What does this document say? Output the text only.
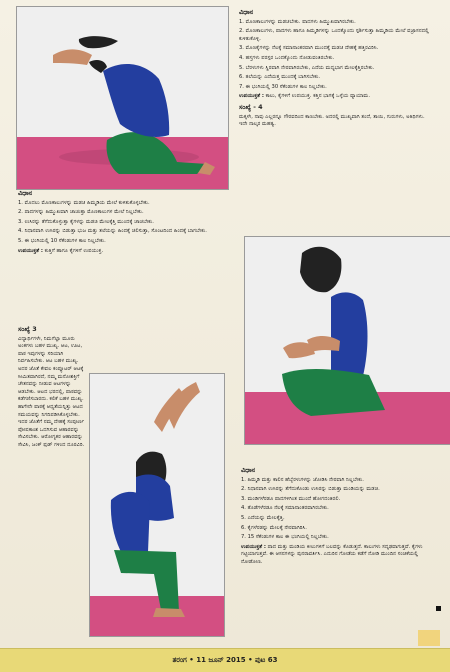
ವಿಧಾನ

1. ಮೊದಲು ಮೊಣಕಾಲುಗಳನ್ನು ಮಡಚಿ ಹಿಮ್ಮಡಿಯ ಮೇಲೆ ಕುಳಿತುಕೊಳ್ಳಬೇಕು.

2. ಪಾದಗಳನ್ನು ಹಿಮ್ಮುಖವಾಗಿ ಚಾಚುತ್ತಾ ಮೊಣಕಾಲುಗಳ ಮೇಲೆ ನಿಲ್ಲಬೇಕು.

3. ಉಸಿರನ್ನು ತೆಗೆದುಕೊಳ್ಳುತ್ತಾ ಕೈಗಳನ್ನು ಮಡಚಿ ಮೇಲಕ್ಕೆತ್ತಿ ಮುಂದಕ್ಕೆ ಚಾಚಬೇಕು.

4. ನಿಧಾನವಾಗಿ ಉಸಿರನ್ನು ಬಿಡುತ್ತಾ ಭುಜ ಮತ್ತು ತಲೆಯನ್ನು ಹಿಂದಕ್ಕೆ ಚಲಿಸುತ್ತಾ, ಸೊಂಟದಿಂದ ಹಿಂದಕ್ಕೆ ಬಾಗಬೇಕು.

5. ಈ ಭಂಗಿಯಲ್ಲಿ 10 ಸೆಕೆಂಡುಗಳ ಕಾಲ ನಿಲ್ಲಬೇಕು.

ಉಪಯುಕ್ತತೆ : ಕುತ್ತಿಗೆ ಹಾಗೂ ಕೈಗಳಿಗೆ ಉಪಯುಕ್ತ.

ಸಂಖ್ಯೆ 3

ವಿದ್ಯಾರ್ಥಿಗಳೇ, ನಿಮಗೆಲ್ಲಾ ಮೂರು ಅಂಕಗಳು ಬಹಳ ಮುಖ್ಯ. ಆಟ, ಊಟ, ಪಾಠ ಇವುಗಳನ್ನು ಸರಿಯಾಗಿ ನಿರ್ವಹಿಸಬೇಕು. ಆಟ ಬಹಳ ಮುಖ್ಯ. ಅದರ ಜೊತೆ ಕೇವಲ ಕಂಪ್ಯೂಟರ್ ಆಟಕ್ಕೆ ಸೀಮಿತವಾಗಿರದೆ, ನಮ್ಮ ಮನೋಶಕ್ತಿಗೆ ಚೇತನವನ್ನು ನೀಡುವ ಆಟಗಳನ್ನು ಆಡಬೇಕು. ಆಟದ ಭರದಲ್ಲಿ, ಪಾಠವನ್ನು ಕಡೆಗಣಿಸಬಾರದು. ಕಲಿಕೆ ಬಹಳ ಮುಖ್ಯ. ಹಾಗೇನೇ ಪಾಠಕ್ಕೆ ಆಧ್ಯತೆಯನ್ನಿತ್ತು ಆಟದ ಸಮಯವನ್ನು ನಿಗದಿಪಡಿಸಿಕೊಳ್ಳಬೇಕು. ಇದರ ಜೊತೆಗೆ ನಮ್ಮ ದೇಹಕ್ಕೆ ಸಂಪೂರ್ಣ ಪೋಷಕಾಂಶ ಒದಗಿಸುವ ಆಹಾರವನ್ನು ಸೇವಿಸಬೇಕು. ಆರೋಗ್ಯಕರ ಆಹಾರವನ್ನು ಸೇವಿಸಿ, ಜಂಕ್ ಫುಡ್ ಗಳಿಂದ ದೂರವಿರಿ.

ವಿಧಾನ

1. ಮೊಣಕಾಲುಗಳನ್ನು ಮಡಚಬೇಕು. ಪಾದಗಳು ಹಿಮ್ಮುಖವಾಗಿರಬೇಕು.

2. ಮೊಣಕಾಲುಗಳು, ಪಾದಗಳು ಹಾಗೂ ಹಿಮ್ಮಡಿಗಳನ್ನು ಒಂದಕ್ಕೊಂದು ಸ್ಪರ್ಶಿಸುತ್ತಾ ಹಿಮ್ಮಡಿಯ ಮೇಲೆ ವಜ್ರಾಸನದಲ್ಲಿ ಕುಳಿತುಕೊಳ್ಳಿ.

3. ಮೊಣಕೈಗಳನ್ನು ನೆಲಕ್ಕೆ ಸಮಾನಾಂತರವಾಗಿ ಮುಂದಕ್ಕೆ ಮಡಚಿ ದೇಹಕ್ಕೆ ಹತ್ತಿರವಿರಿಸಿ.

4. ಹಸ್ತಗಳು ಪರಸ್ಪರ ಒಂದಕ್ಕೊಂದು ನೋಡುವಂತಿರಬೇಕು.

5. ಬೆರಳುಗಳು ಸ್ಥಿರವಾಗಿ ನೇರವಾಗಿರಬೇಕು, ಎದೆಯ ಮಧ್ಯಭಾಗ ಮೇಲಕ್ಕೆತ್ತಿರಬೇಕು.

6. ತಲೆಯನ್ನು ಎದೆಯತ್ತ ಮುಂದಕ್ಕೆ ಬಾಗಿಸಬೇಕು.

7. ಈ ಭಂಗಿಯಲ್ಲಿ 30 ಸೆಕೆಂಡುಗಳ ಕಾಲ ನಿಲ್ಲಬೇಕು.

ಉಪಯುಕ್ತತೆ : ಕಾಲು, ಕೈಗಳಿಗೆ ಉಪಯುಕ್ತ. ಕತ್ತಿನ ಭಾಗಕ್ಕೆ ಒಳ್ಳೆಯ ವ್ಯಾಯಾಮ.

ಸಂಖ್ಯೆ - 4

ಮಕ್ಕಳೇ, ನಾವು ಎಲ್ಲರನ್ನೂ ಗೌರವದಿಂದ ಕಾಣಬೇಕು. ಅದರಲ್ಲಿ ಮುಖ್ಯವಾಗಿ ತಂದೆ, ತಾಯಿ, ಗುರುಗಳು, ಅತಿಥಿಗಳು. ಇದೇ ನಾಲ್ಕರ ಮಹತ್ವ.

ವಿಧಾನ

1. ಹಿಮ್ಮಡಿ ಮತ್ತು ಕಾಲಿನ ಹೆಬ್ಬೆರಳುಗಳನ್ನು ಜೋಡಿಸಿ ನೇರವಾಗಿ ನಿಲ್ಲಬೇಕು.

2. ನಿಧಾನವಾಗಿ ಉಸಿರನ್ನು ತೆಗೆದುಕೊಂಡು ಉಸಿರನ್ನು ಬಿಡುತ್ತಾ ಮಂಡಿಯನ್ನು ಮಡಚಿ.

3. ಮಂಡಿಗಳೆರಡೂ ಪಾದಗಳಿಗಿಂತ ಮುಂದೆ ಹೋಗದಂತಿರಲಿ.

4. ತೊಡೆಗಳೆರಡೂ ನೆಲಕ್ಕೆ ಸಮಾನಾಂತರವಾಗಿರಬೇಕು.

5. ಎದೆಯನ್ನು ಮೇಲಕ್ಕೆತ್ತಿ.

6. ಕೈಗಳೆರಡನ್ನು ಮೇಲಕ್ಕೆ ನೇರವಾಗಿರಿಸಿ.

7. 15 ಸೆಕೆಂಡುಗಳ ಕಾಲ ಈ ಭಂಗಿಯಲ್ಲಿ ನಿಲ್ಲಬೇಕು.

ಉಪಯುಕ್ತತೆ : ಪಾದ ಮತ್ತು ಮಂಡಿಯ ಕೀಲುಗಳಿಗೆ ಬಲವನ್ನು ಕೊಡುತ್ತದೆ. ಕಾಲುಗಳು ಸದೃಢವಾಗುತ್ತವೆ. ಕೈಗಳು ಗಟ್ಟಿಯಾಗುತ್ತವೆ. ಈ ಆಸನಗಳನ್ನು ಪುನರಾವರ್ತಿಸಿ. ಎದುರಿನ ಗೋಡೆಯ ಕಡೆಗೆ ನೋಡಿ ಮುಂದಿನ ಸಂಚಿಕೆಯಲ್ಲಿ ನೋಡೋಣ.

ತರಂಗ • 11 ಜೂನ್ 2015 • ಪುಟ 63
